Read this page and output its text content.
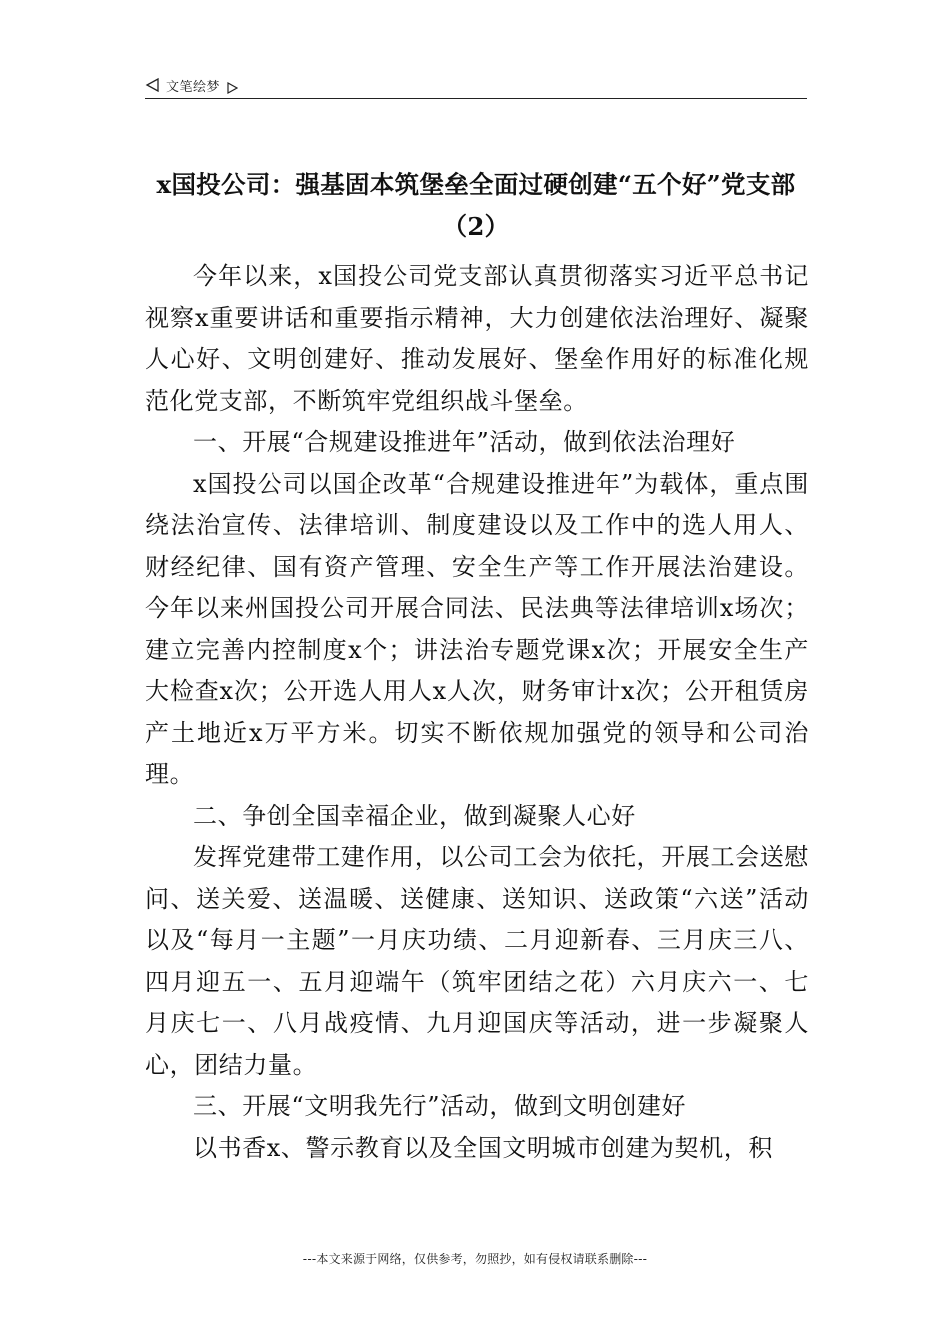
文笔绘梦
x国投公司：强基固本筑堡垒全面过硬创建“五个好”党支部（2）

今年以来，x国投公司党支部认真贯彻落实习近平总书记视察x重要讲话和重要指示精神，大力创建依法治理好、凝聚人心好、文明创建好、推动发展好、堡垒作用好的标准化规范化党支部，不断筑牢党组织战斗堡垒。

一、开展“合规建设推进年”活动，做到依法治理好

x国投公司以国企改革“合规建设推进年”为载体，重点围绕法治宣传、法律培训、制度建设以及工作中的选人用人、财经纪律、国有资产管理、安全生产等工作开展法治建设。今年以来州国投公司开展合同法、民法典等法律培训x场次；建立完善内控制度x个；讲法治专题党课x次；开展安全生产大检查x次；公开选人用人x人次，财务审计x次；公开租赁房产土地近x万平方米。切实不断依规加强党的领导和公司治理。

二、争创全国幸福企业，做到凝聚人心好

发挥党建带工建作用，以公司工会为依托，开展工会送慰问、送关爱、送温暖、送健康、送知识、送政策“六送”活动以及“每月一主题”一月庆功绩、二月迎新春、三月庆三八、四月迎五一、五月迎端午（筑牢团结之花）六月庆六一、七月庆七一、八月战疫情、九月迎国庆等活动，进一步凝聚人心，团结力量。

三、开展“文明我先行”活动，做到文明创建好

以书香x、警示教育以及全国文明城市创建为契机，积

---本文来源于网络，仅供参考，勿照抄，如有侵权请联系删除---
